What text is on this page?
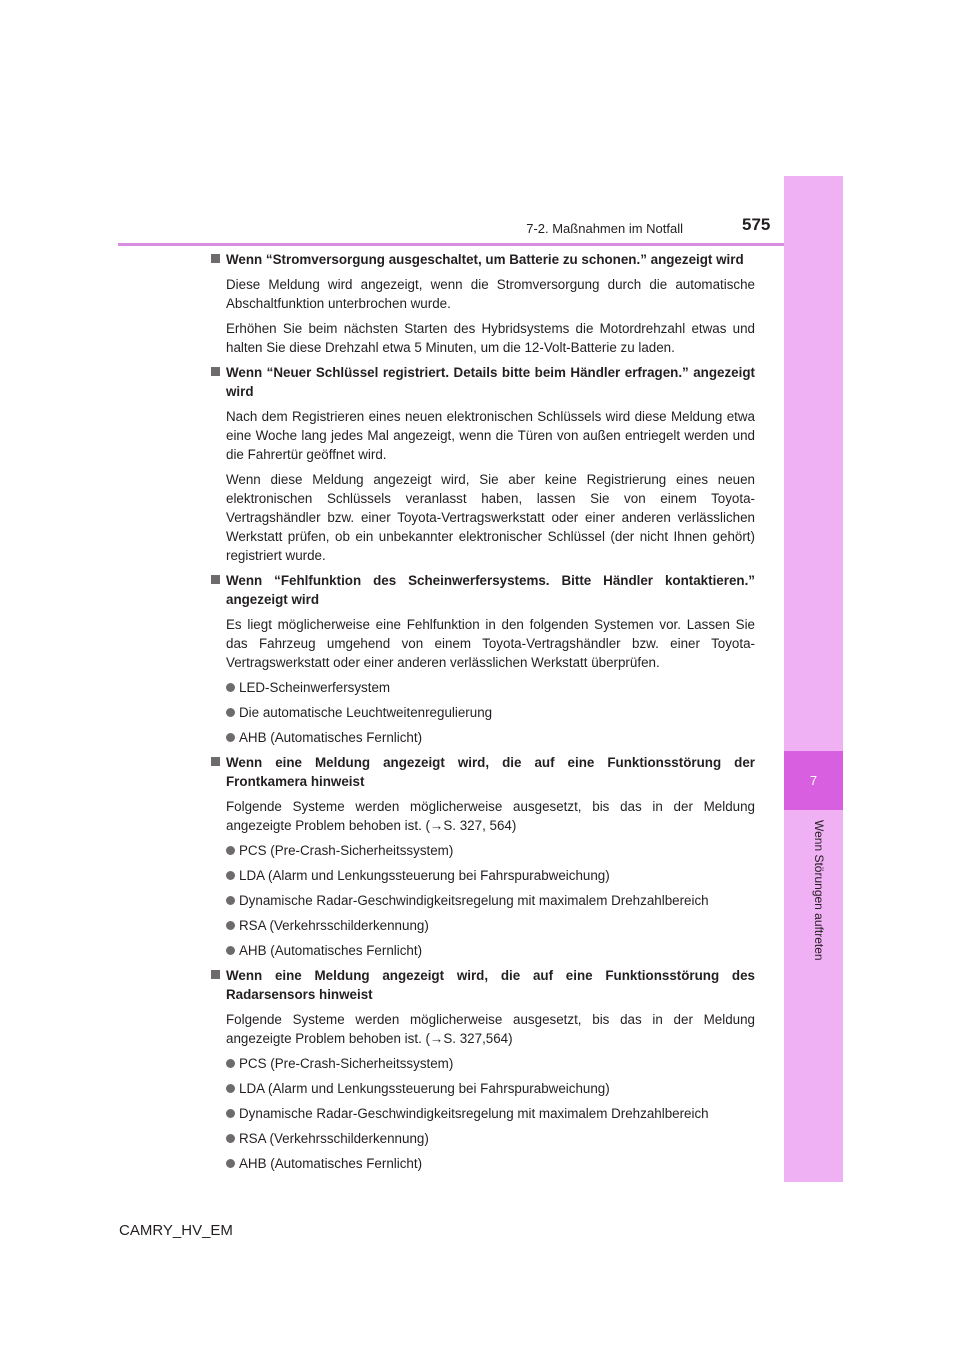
7
Wenn Störungen auftreten
7-2. Maßnahmen im Notfall	575
Wenn “Stromversorgung ausgeschaltet, um Batterie zu schonen.” angezeigt wird
Diese Meldung wird angezeigt, wenn die Stromversorgung durch die automatische Abschaltfunktion unterbrochen wurde.
Erhöhen Sie beim nächsten Starten des Hybridsystems die Motordrehzahl etwas und halten Sie diese Drehzahl etwa 5 Minuten, um die 12-Volt-Batterie zu laden.
Wenn “Neuer Schlüssel registriert. Details bitte beim Händler erfragen.” angezeigt wird
Nach dem Registrieren eines neuen elektronischen Schlüssels wird diese Meldung etwa eine Woche lang jedes Mal angezeigt, wenn die Türen von außen entriegelt werden und die Fahrertür geöffnet wird.
Wenn diese Meldung angezeigt wird, Sie aber keine Registrierung eines neuen elektronischen Schlüssels veranlasst haben, lassen Sie von einem Toyota-Vertragshändler bzw. einer Toyota-Vertragswerkstatt oder einer anderen verlässlichen Werkstatt prüfen, ob ein unbekannter elektronischer Schlüssel (der nicht Ihnen gehört) registriert wurde.
Wenn “Fehlfunktion des Scheinwerfersystems. Bitte Händler kontaktieren.” angezeigt wird
Es liegt möglicherweise eine Fehlfunktion in den folgenden Systemen vor. Lassen Sie das Fahrzeug umgehend von einem Toyota-Vertragshändler bzw. einer Toyota-Vertragswerkstatt oder einer anderen verlässlichen Werkstatt überprüfen.
LED-Scheinwerfersystem
Die automatische Leuchtweitenregulierung
AHB (Automatisches Fernlicht)
Wenn eine Meldung angezeigt wird, die auf eine Funktionsstörung der Frontkamera hinweist
Folgende Systeme werden möglicherweise ausgesetzt, bis das in der Meldung angezeigte Problem behoben ist. (→S. 327, 564)
PCS (Pre-Crash-Sicherheitssystem)
LDA (Alarm und Lenkungssteuerung bei Fahrspurabweichung)
Dynamische Radar-Geschwindigkeitsregelung mit maximalem Drehzahlbereich
RSA (Verkehrsschilderkennung)
AHB (Automatisches Fernlicht)
Wenn eine Meldung angezeigt wird, die auf eine Funktionsstörung des Radarsensors hinweist
Folgende Systeme werden möglicherweise ausgesetzt, bis das in der Meldung angezeigte Problem behoben ist. (→S. 327,564)
PCS (Pre-Crash-Sicherheitssystem)
LDA (Alarm und Lenkungssteuerung bei Fahrspurabweichung)
Dynamische Radar-Geschwindigkeitsregelung mit maximalem Drehzahlbereich
RSA (Verkehrsschilderkennung)
AHB (Automatisches Fernlicht)
CAMRY_HV_EM
